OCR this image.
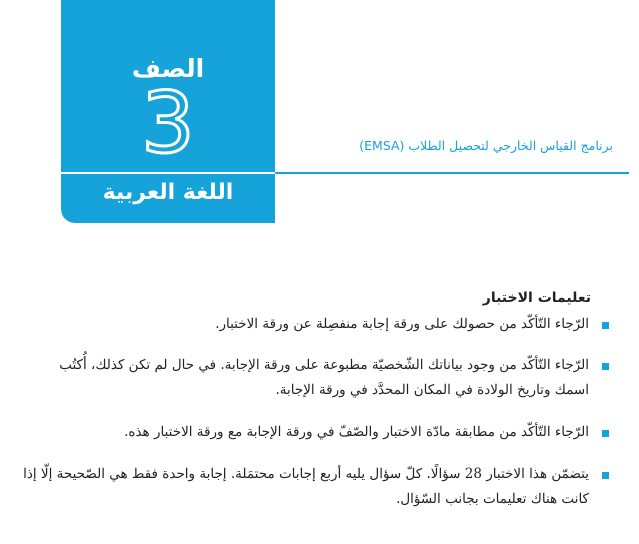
الصف
3
اللغة العربية
برنامج القياس الخارجي لتحصيل الطلاب (EMSA)
تعليمات الاختبار
الرّجاء التّأكّد من حصولك على ورقة إجابة منفصِلة عن ورقة الاختبار.
الرّجاء التّأكّد من وجود بياناتك الشّخصيّة مطبوعة على ورقة الإجابة. في حال لم تكن كذلك، أُكتُب اسمك وتاريخ الولادة في المكان المحدَّد في ورقة الإجابة.
الرّجاء التّأكّد من مطابقة مادّة الاختبار والصّفّ في ورقة الإجابة مع ورقة الاختبار هذه.
يتضمّن هذا الاختبار 28 سؤالًا. كلّ سؤال يليه أربع إجابات محتمَلة. إجابة واحدة فقط هي الصّحيحة إلّا إذا كانت هناك تعليمات بجانب السّؤال.
